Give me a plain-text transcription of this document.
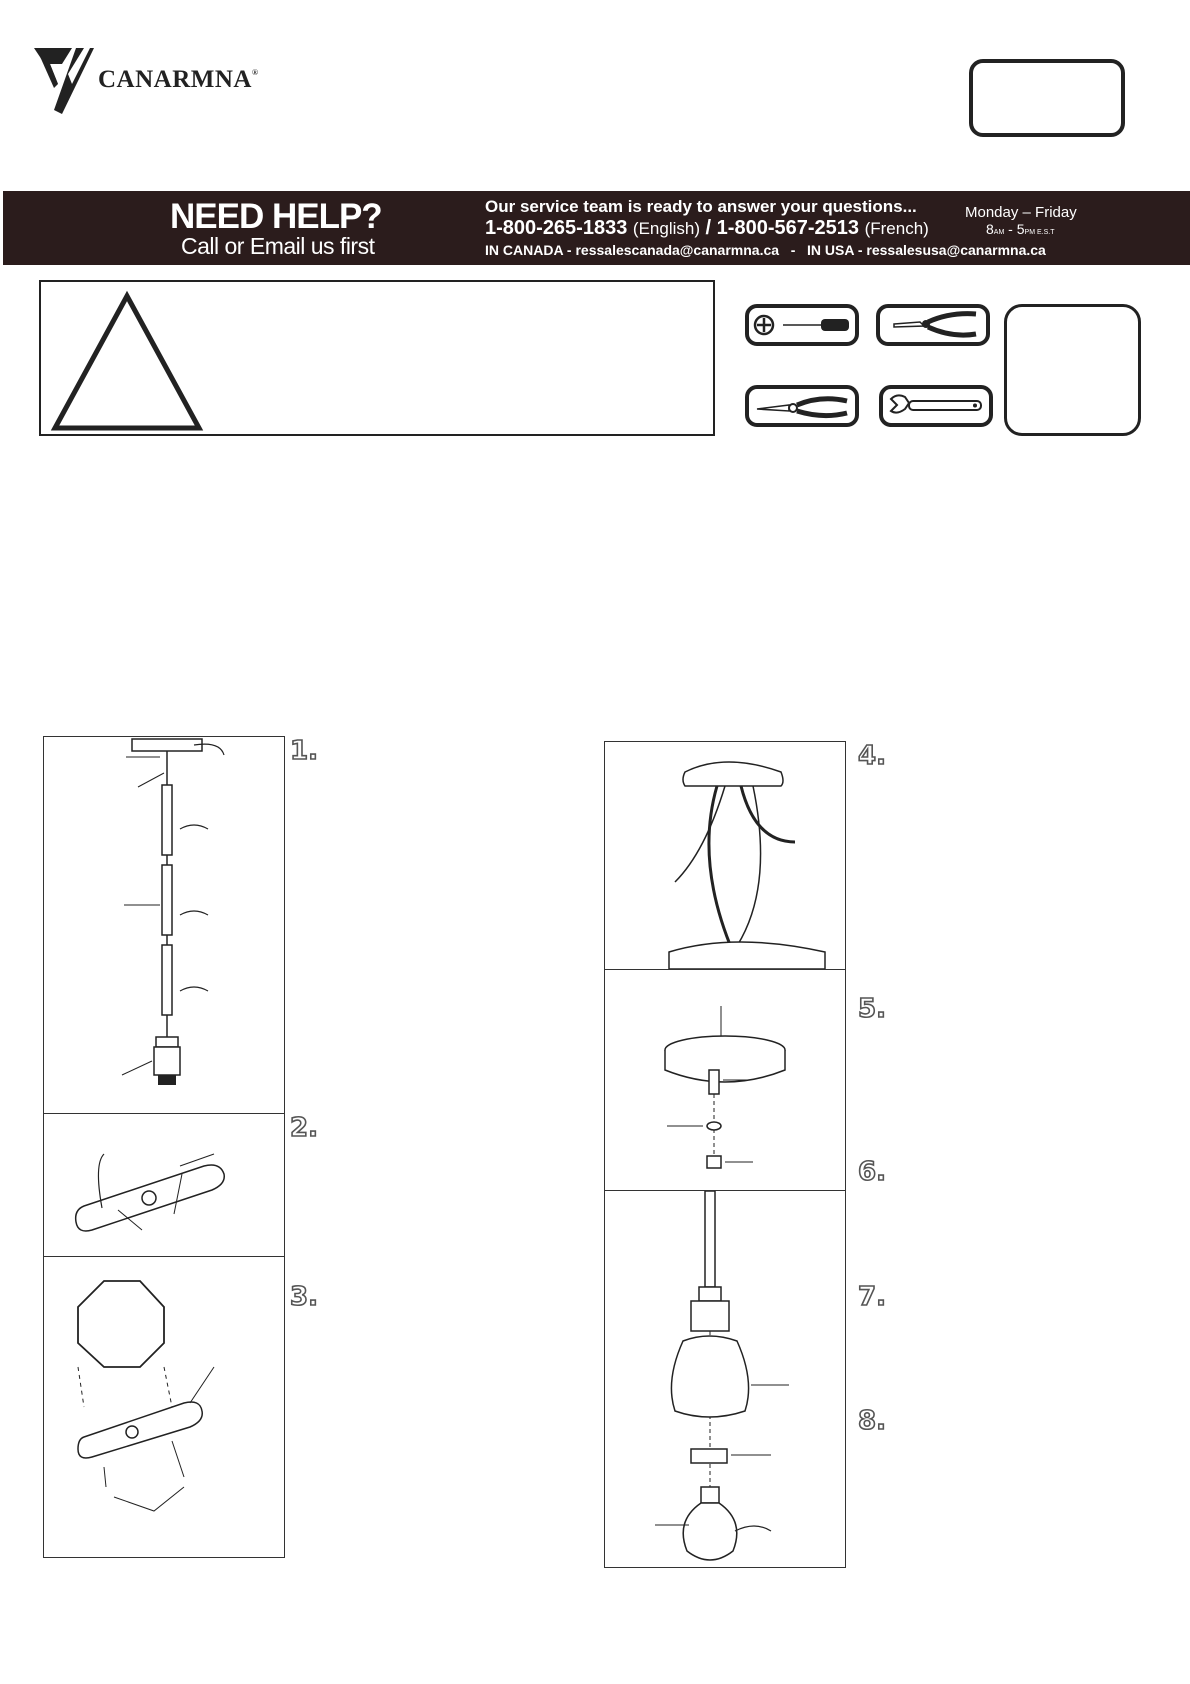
CANARMNA®
NEED HELP?
Call or Email us first
Our service team is ready to answer your questions...
1-800-265-1833 (English) / 1-800-567-2513 (French)
IN CANADA - ressalescanada@canarmna.ca   -   IN USA - ressalesusa@canarmna.ca
Monday – Friday
8AM - 5PM E.S.T
1.
2.
3.
4.
5.
6.
7.
8.
